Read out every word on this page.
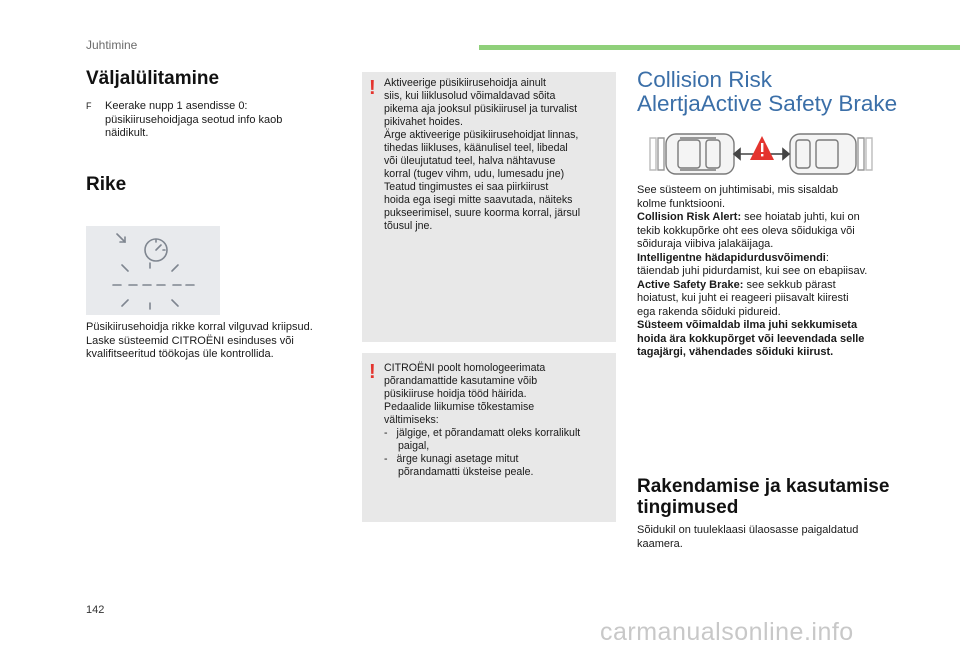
Juhtimine
Väljalülitamine
F	Keerake nupp 1 asendisse 0:
püsikiirusehoidjaga seotud info kaob
näidikult.
Rike
Püsikiirusehoidja rikke korral vilguvad kriipsud.
Laske süsteemid CITROËNI esinduses või
kvalifitseeritud töökojas üle kontrollida.
! Aktiveerige püsikiirusehoidja ainult
siis, kui liiklusolud võimaldavad sõita
pikema aja jooksul püsikiirusel ja turvalist
pikivahet hoides.
Ärge aktiveerige püsikiirusehoidjat linnas,
tihedas liikluses, käänulisel teel, libedal
või üleujutatud teel, halva nähtavuse
korral (tugev vihm, udu, lumesadu jne)
Teatud tingimustes ei saa piirkiirust
hoida ega isegi mitte saavutada, näiteks
pukseerimisel, suure koorma korral, järsul
tõusul jne.
! CITROËNI poolt homologeerimata
põrandamattide kasutamine võib
püsikiiruse hoidja tööd häirida.
Pedaalide liikumise tõkestamise
vältimiseks:
- jälgige, et põrandamatt oleks korralikult
paigal,
- ärge kunagi asetage mitut
põrandamatti üksteise peale.
Collision Risk
AlertjaActive Safety Brake
See süsteem on juhtimisabi, mis sisaldab
kolme funktsiooni.
Collision Risk Alert: see hoiatab juhti, kui on
tekib kokkupõrke oht ees oleva sõidukiga või
sõiduraja viibiva jalakäijaga.
Intelligentne hädapidurdusvõimendi:
täiendab juhi pidurdamist, kui see on ebapiisav.
Active Safety Brake: see sekkub pärast
hoiatust, kui juht ei reageeri piisavalt kiiresti
ega rakenda sõiduki pidureid.
Süsteem võimaldab ilma juhi sekkumiseta
hoida ära kokkupõrget või leevendada selle
tagajärgi, vähendades sõiduki kiirust.
Rakendamise ja kasutamise
tingimused
Sõidukil on tuuleklaasi ülaosasse paigaldatud
kaamera.
142
carmanualsonline.info
